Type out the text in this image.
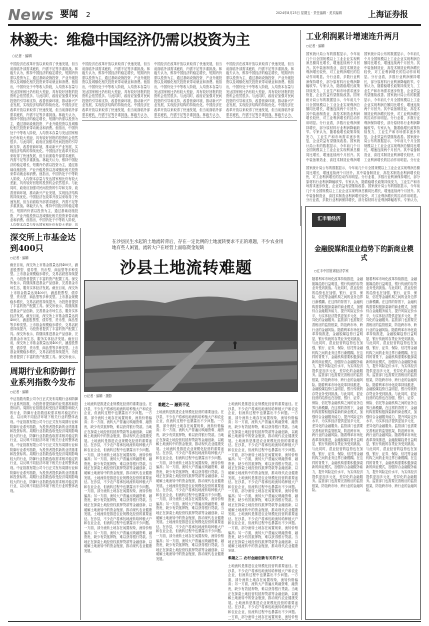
News 要闻 2	2024年8月23日 星期五 · 责任编辑 · 美术编辑	上海证券报
林毅夫：维稳中国经济仍需以投资为主
○记者 · 编辑
中国经济在改革开放以来取得了快速发展，但当前面临外部需求疲软、内需不足等多重挑战。林毅夫认为，维持中国经济的稳定增长，短期内仍需以投资为主，通过基础设施投资、产业升级投资以及城镇化相关投资来带动就业和消费。他指出，中国仍处于中等收入阶段，人均资本存量与发达国家相比仍有较大差距，具有较好回报的投资机会依然很多。与此同时，政府应加强对民间投资的引导和支持，改善营商环境，推动新兴产业发展，实现经济结构的持续优化。中国经济在改革开放以来取得了快速发展，但当前面临外部需求疲软、内需不足等多重挑战。林毅夫认为，维持中国经济的稳定增长，短期内仍需以投资为主，通过基础设施投资、产业升级投资以及城镇化相关投资来带动就业和消费。他指出，中国仍处于中等收入阶段，人均资本存量与发达国家相比仍有较大差距，具有较好回报的投资机会依然很多。与此同时，政府应加强对民间投资的引导和支持，改善营商环境，推动新兴产业发展，实现经济结构的持续优化。中国经济在改革开放以来取得了快速发展，但当前面临外部需求疲软、内需不足等多重挑战。林毅夫认为，维持中国经济的稳定增长，短期内仍需以投资为主，通过基础设施投资、产业升级投资以及城镇化相关投资来带动就业和消费。他指出，中国仍处于中等收入阶段，人均资本存量与发达国家相比仍有较大差距，具有较好回报的投资机会依然很多。与此同时，政府应加强对民间投资的引导和支持，改善营商环境，推动新兴产业发展，实现经济结构的持续优化。中国经济在改革开放以来取得了快速发展，但当前面临外部需求疲软、内需不足等多重挑战。林毅夫认为，维持中国经济的稳定增长，短期内仍需以投资为主，通过基础设施投资、产业升级投资以及城镇化相关投资来带动就业和消费。他指出，中国仍处于中等收入阶段，人均资本存量与发达国家相比仍有较大差距，具
中国经济在改革开放以来取得了快速发展，但当前面临外部需求疲软、内需不足等多重挑战。林毅夫认为，维持中国经济的稳定增长，短期内仍需以投资为主，通过基础设施投资、产业升级投资以及城镇化相关投资来带动就业和消费。他指出，中国仍处于中等收入阶段，人均资本存量与发达国家相比仍有较大差距，具有较好回报的投资机会依然很多。与此同时，政府应加强对民间投资的引导和支持，改善营商环境，推动新兴产业发展，实现经济结构的持续优化。中国经济在改革开放以来取得了快速发展，但当前面临外部需求疲软、内需不足等多重挑战。林毅夫认为，
中国经济在改革开放以来取得了快速发展，但当前面临外部需求疲软、内需不足等多重挑战。林毅夫认为，维持中国经济的稳定增长，短期内仍需以投资为主，通过基础设施投资、产业升级投资以及城镇化相关投资来带动就业和消费。他指出，中国仍处于中等收入阶段，人均资本存量与发达国家相比仍有较大差距，具有较好回报的投资机会依然很多。与此同时，政府应加强对民间投资的引导和支持，改善营商环境，推动新兴产业发展，实现经济结构的持续优化。中国经济在改革开放以来取得了快速发展，但当前面临外部需求疲软、内需不足等多重挑战。林毅夫认为，
中国经济在改革开放以来取得了快速发展，但当前面临外部需求疲软、内需不足等多重挑战。林毅夫认为，维持中国经济的稳定增长，短期内仍需以投资为主，通过基础设施投资、产业升级投资以及城镇化相关投资来带动就业和消费。他指出，中国仍处于中等收入阶段，人均资本存量与发达国家相比仍有较大差距，具有较好回报的投资机会依然很多。与此同时，政府应加强对民间投资的引导和支持，改善营商环境，推动新兴产业发展，实现经济结构的持续优化。中国经济在改革开放以来取得了快速发展，但当前面临外部需求疲软、内需不足等多重挑战。林毅夫认为，
工业利润累计增速连升两月
○记者 · 编辑
国家统计局公布的数据显示，今年前几个月全国规模以上工业企业实现利润总额同比增长，增速连续两个月回升。其中装备制造业、高技术制造业利润增长较快，对工业利润增长的拉动作用明显。分行业看，多数行业利润保持增长，部分原材料行业利润降幅收窄。专家认为，随着稳增长政策持续发力，工业生产和市场需求逐步恢复，企业效益有望继续改善。国家统计局公布的数据显示，今年前几个月全国规模以上工业企业实现利润总额同比增长，增速连续两个月回升。其中装备制造业、高技术制造业利润增长较快，对工业利润增长的拉动作用明显。分行业看，多数行业利润保持增长，部分原材料行业利润降幅收窄。专家认为，随着稳增长政策持续发力，工业生产和市场需求逐步恢复，企业效益有望继续改善。国家统计局公布的数据显示，今年前几个月全国规模以上工业企业实现利润总额同比增长，增速连续两个月回升。其中装备制造业、高技术制造业利润增
国家统计局公布的数据显示，今年前几个月全国规模以上工业企业实现利润总额同比增长，增速连续两个月回升。其中装备制造业、高技术制造业利润增长较快，对工业利润增长的拉动作用明显。分行业看，多数行业利润保持增长，部分原材料行业利润降幅收窄。专家认为，随着稳增长政策持续发力，工业生产和市场需求逐步恢复，企业效益有望继续改善。国家统计局公布的数据显示，今年前几个月全国规模以上工业企业实现利润总额同比增长，增速连续两个月回升。其中装备制造业、高技术制造业利润增长较快，对工业利润增长的拉动作用明显。分行业看，多数行业利润保持增长，部分原材料行业利润降幅收窄。专家认为，随着稳增长政策持续发力，工业生产和市场需求逐步恢复，企业效益有望继续改善。国家统计局公布的数据显示，今年前几个月全国规模以上工业企业实现利润总额同比增长，增速连续两个月回升。其中装备制造业、高技术制造业利润增长较快，对工业利润增长的拉动作用明显。分行业
国家统计局公布的数据显示，今年前几个月全国规模以上工业企业实现利润总额同比增长，增速连续两个月回升。其中装备制造业、高技术制造业利润增长较快，对工业利润增长的拉动作用明显。分行业看，多数行业利润保持增长，部分原材料行业利润降幅收窄。专家认为，随着稳增长政策持续发力，工业生产和市场需求逐步恢复，企业效益有望继续改善。国家统计局公布的数据显示，今年前几个月全国规模以上工业企业实现利润总额同比增长，增速连续两个月回升。其中装备制造业、高技术制造业利润增长较快，对工业利润增长的拉动作用明显。分行业看，多数行业利润保持增长，部分原材料行业利润降幅收窄。专家认为，
在沙县民生水起的土地流转背后，存在一定比例的土地流转要求不正的难题，不少农业用地有些人闲置，流转大户在经营上面临资金短缺
沙县土地流转难题
○记者 · 编辑 · 摄影
土地流转是推进农业规模化经营的重要途径。在沙县，不少农户将承包地流转给种植大户和农业企业，但流转过程中也暴露出不少问题。一方面，部分流转土地存在闲置现象，流转价格偏高；另一方面，流转大户普遍反映融资难、融资贵，缺少有效抵押物，难以获得银行贷款。当地正在探索土地经营权抵押贷款等金融创新，以破解土地流转中的资金瓶颈，推动现代农业健康发展。土地流转是推进农业规模化经营的重要途径。在沙县，不少农户将承包地流转给种植大户和农业企业，但流转过程中也暴露出不少问题。一方面，部分流转土地存在闲置现象，流转价格偏高；另一方面，流转大户普遍反映融资难、融资贵，缺少有效抵押物，难以获得银行贷款。当地正在探索土地经营权抵押贷款等金融创新，以破解土地流转中的资金瓶颈，推动现代农业健康发展。土地流转是推进农业规模化经营的重要途径。在沙县，不少农户将承包地流转给种植大户和农业企业，但流转过程中也暴露出不少问题。一方面，部分流转土地存在闲置现象，流转价格偏高；另一方面，流转大户普遍反映融资难、融资贵，缺少有效抵押物，难以获得银行贷款。当地正在探索土地经营权抵押贷款等金融创新，以破解土地流转中的资金瓶颈，推动现代农业健康发展。土地流转是推进农业规模化经营的重要途径。在沙县，不少农户将承包地流转给种植大户和农业企业，但流转过程中也暴露出不少问题。一方面，部分流转土地存在闲置现象，流转价格偏高；另一方面，流转大户普遍反映融资难、融资贵，缺少有效抵押物，难以获得银行贷款。当地正在探索土地经营权抵押贷款等金融创新，以破解土地流转中的资金瓶颈，推动现代农业健康发展。
难题之一 融资不足
土地流转是推进农业规模化经营的重要途径。在沙县，不少农户将承包地流转给种植大户和农业企业，但流转过程中也暴露出不少问题。一方面，部分流转土地存在闲置现象，流转价格偏高；另一方面，流转大户普遍反映融资难、融资贵，缺少有效抵押物，难以获得银行贷款。当地正在探索土地经营权抵押贷款等金融创新，以破解土地流转中的资金瓶颈，推动现代农业健康发展。土地流转是推进农业规模化经营的重要途径。在沙县，不少农户将承包地流转给种植大户和农业企业，但流转过程中也暴露出不少问题。一方面，部分流转土地存在闲置现象，流转价格偏高；另一方面，流转大户普遍反映融资难、融资贵，缺少有效抵押物，难以获得银行贷款。当地正在探索土地经营权抵押贷款等金融创新，以破解土地流转中的资金瓶颈，推动现代农业健康发展。土地流转是推进农业规模化经营的重要途径。在沙县，不少农户将承包地流转给种植大户和农业企业，但流转过程中也暴露出不少问题。一方面，部分流转土地存在闲置现象，流转价格偏高；另一方面，流转大户普遍反映融资难、融资贵，缺少有效抵押物，难以获得银行贷款。当地正在探索土地经营权抵押贷款等金融创新，以破解土地流转中的资金瓶颈，推动现代农业健康发展。土地流转是推进农业规模化经营的重要途径。在沙县，不少农户将承包地流转给种植大户和农业企业，但流转过程中也暴露出不少问题。一方面，部分流转土地存在闲置现象，流转价格偏高；另一方面，流转大户普遍反映融资难、融资贵，缺少有效抵押物，难以获得银行贷款。当地正在探索土地经营权抵押贷款等金融创新，以破解土地流转中的资金瓶颈，推动现代农业健康发展。
土地流转是推进农业规模化经营的重要途径。在沙县，不少农户将承包地流转给种植大户和农业企业，但流转过程中也暴露出不少问题。一方面，部分流转土地存在闲置现象，流转价格偏高；另一方面，流转大户普遍反映融资难、融资贵，缺少有效抵押物，难以获得银行贷款。当地正在探索土地经营权抵押贷款等金融创新，以破解土地流转中的资金瓶颈，推动现代农业健康发展。土地流转是推进农业规模化经营的重要途径。在沙县，不少农户将承包地流转给种植大户和农业企业，但流转过程中也暴露出不少问题。一方面，部分流转土地存在闲置现象，流转价格偏高；另一方面，流转大户普遍反映融资难、融资贵，缺少有效抵押物，难以获得银行贷款。当地正在探索土地经营权抵押贷款等金融创新，以破解土地流转中的资金瓶颈，推动现代农业健康发展。土地流转是推进农业规模化经营的重要途径。在沙县，不少农户将承包地流转给种植大户和农业企业，但流转过程中也暴露出不少问题。一方面，部分流转土地存在闲置现象，流转价格偏高；另一方面，流转大户普遍反映融资难、融资贵，缺少有效抵押物，难以获得银行贷款。当地正在探索土地经营权抵押贷款等金融创新，以破解土地流转中的资金瓶颈，推动现代农业健康发展。土地流转是推进农业规模化经营的重要途径。在沙县，不少农户将承包地流转给种植大户和农业企业，但流转过程中也暴露出不少问题。一方面，部分流转土地存在闲置现象，流转价格偏高；另一方面，流转大户普遍反映融资难、融资贵，缺少有效抵押物，难以获得银行贷款。当地正在探索土地经营权抵押贷款等金融创新，以破解土地流转中的资金瓶颈，推动现代农业健康发展。
难题之二 农村金融创新有关若不足
土地流转是推进农业规模化经营的重要途径。在沙县，不少农户将承包地流转给种植大户和农业企业，但流转过程中也暴露出不少问题。一方面，部分流转土地存在闲置现象，流转价格偏高；另一方面，流转大户普遍反映融资难、融资贵，缺少有效抵押物，难以获得银行贷款。当地正在探索土地经营权抵押贷款等金融创新，以破解土地流转中的资金瓶颈，推动现代农业健康发展。土地流转是推进农业规模化经营的重要途径。在沙县，不少农户将承包地流转给种植大户和农业企业，但流转过程中也暴露出不少问题。一方面，部分流转土地存在闲置现象，流转价格
深交所上市基金达到400只
○记者 · 编辑
截至目前，深交所上市基金数量达到400只，涵盖股票型、债券型、货币型、商品型等多种类型。上市基金规模稳步增长，交易活跃度持续提升，为投资者提供了丰富的资产配置工具。深交所表示，将继续推进基金产品创新，完善基金市场生态，服务实体经济发展。截至目前，深交所上市基金数量达到400只，涵盖股票型、债券型、货币型、商品型等多种类型。上市基金规模稳步增长，交易活跃度持续提升，为投资者提供了丰富的资产配置工具。深交所表示，将继续推进基金产品创新，完善基金市场生态，服务实体经济发展。截至目前，深交所上市基金数量达到400只，涵盖股票型、债券型、货币型、商品型等多种类型。上市基金规模稳步增长，交易活跃度持续提升，为投资者提供了丰富的资产配置工具。深交所表示，将继续推进基金产品创新，完善基金市场生态，服务实体经济发展。截至目前，深交所上市基金数量达到400只，涵盖股票型、债券型、货币型、商品型等多种类型。上市基金规模稳步增长，交易活跃度持续提升，为投资者提供了丰富的资产配置工具。深交所表示，
周期行业和防御行业系列指数今发布
○记者 · 编辑
中证指数有限公司今日正式发布周期行业和防御行业系列指数，为投资者提供新的业绩基准和投资标的。周期行业指数选取受经济周期影响较大的行业，防御行业指数选取需求相对稳定的行业，以反映不同经济环境下相关行业的整体表现。中证指数有限公司今日正式发布周期行业和防御行业系列指数，为投资者提供新的业绩基准和投资标的。周期行业指数选取受经济周期影响较大的行业，防御行业指数选取需求相对稳定的行业，以反映不同经济环境下相关行业的整体表现。中证指数有限公司今日正式发布周期行业和防御行业系列指数，为投资者提供新的业绩基准和投资标的。周期行业指数选取受经济周期影响较大的行业，防御行业指数选取需求相对稳定的行业，以反映不同经济环境下相关行业的整体表现。中证指数有限公司今日正式发布周期行业和防御行业系列指数，为投资者提供新的业绩基准和投资标的。周期行业指数选取受经济周期影响较大的行业，防御行业指数选取需求相对稳定的行业，以反映不同经济环境下相关行业的整体表现。
汇丰看经济
金融脱媒和混业趋势下的新商业模式
○汇丰中国首席经济学家
随着利率市场化改革持续推进，金融脱媒趋势日益明显，银行传统的存贷业务受到挑战。与此同时，混业经营的趋势也在加强，银行、证券、保险、信托等金融机构之间的业务边界日渐模糊。在这样的背景下，金融机构需要积极探索新的商业模式，加强综合金融服务能力，提升风险定价水平，为实体经济提供更加多元化、差异化的金融服务。监管部门也需要完善相应的监管框架，防范跨市场、跨行业的金融风险。随着利率市场化改革持续推进，金融脱媒趋势日益明显，银行传统的存贷业务受到挑战。与此同时，混业经营的趋势也在加强，银行、证券、保险、信托等金融机构之间的业务边界日渐模糊。在这样的背景下，金融机构需要积极探索新的商业模式，加强综合金融服务能力，提升风险定价水平，为实体经济提供更加多元化、差异化的金融服务。监管部门也需要完善相应的监管框架，防范跨市场、跨行业的金融风险。随着利率市场化改革持续推进，金融脱媒趋势日益明显，银行传统的存贷业务受到挑战。与此同时，混业经营的趋势也在加强，银行、证券、保险、信托等金融机构之间的业务边界日渐模糊。在这样的背景下，金融机构需要积极探索新的商业模式，加强综合金融服务能力，提升风险定价水平，为实体经济提供更加多元化、差异化的金融服务。监管部门也需要完善相应的监管框架，防范跨市场、跨行业的金融风险。随着利率市场化改革持续推进，金融脱媒趋势日益明显，银行传统的存贷业务受到挑战。与此同时，混业经营的趋势也在加强，银行、证券、保险、信托等金融机构之间的业务边界日渐模糊。在这样的背景下，金融机构需要积极探索新的商业模式，加强综合金融服务能力，提升风险定价水平，为实体经济提供更加多元化、差异化的金融服务。监管部门也需要完善相应的监管框架，防范跨市场、跨行业的金融风险。
随着利率市场化改革持续推进，金融脱媒趋势日益明显，银行传统的存贷业务受到挑战。与此同时，混业经营的趋势也在加强，银行、证券、保险、信托等金融机构之间的业务边界日渐模糊。在这样的背景下，金融机构需要积极探索新的商业模式，加强综合金融服务能力，提升风险定价水平，为实体经济提供更加多元化、差异化的金融服务。监管部门也需要完善相应的监管框架，防范跨市场、跨行业的金融风险。随着利率市场化改革持续推进，金融脱媒趋势日益明显，银行传统的存贷业务受到挑战。与此同时，混业经营的趋势也在加强，银行、证券、保险、信托等金融机构之间的业务边界日渐模糊。在这样的背景下，金融机构需要积极探索新的商业模式，加强综合金融服务能力，提升风险定价水平，为实体经济提供更加多元化、差异化的金融服务。监管部门也需要完善相应的监管框架，防范跨市场、跨行业的金融风险。随着利率市场化改革持续推进，金融脱媒趋势日益明显，银行传统的存贷业务受到挑战。与此同时，混业经营的趋势也在加强，银行、证券、保险、信托等金融机构之间的业务边界日渐模糊。在这样的背景下，金融机构需要积极探索新的商业模式，加强综合金融服务能力，提升风险定价水平，为实体经济提供更加多元化、差异化的金融服务。监管部门也需要完善相应的监管框架，防范跨市场、跨行业的金融风险。随着利率市场化改革持续推进，金融脱媒趋势日益明显，银行传统的存贷业务受到挑战。与此同时，混业经营的趋势也在加强，银行、证券、保险、信托等金融机构之间的业务边界日渐模糊。在这样的背景下，金融机构需要积极探索新的商业模式，加强综合金融服务能力，提升风险定价水平，为实体经济提供更加多元化、差异化的金融服务。监管部门也需要完善相应的监管框架，防范跨市场、跨行业的金融风险。
